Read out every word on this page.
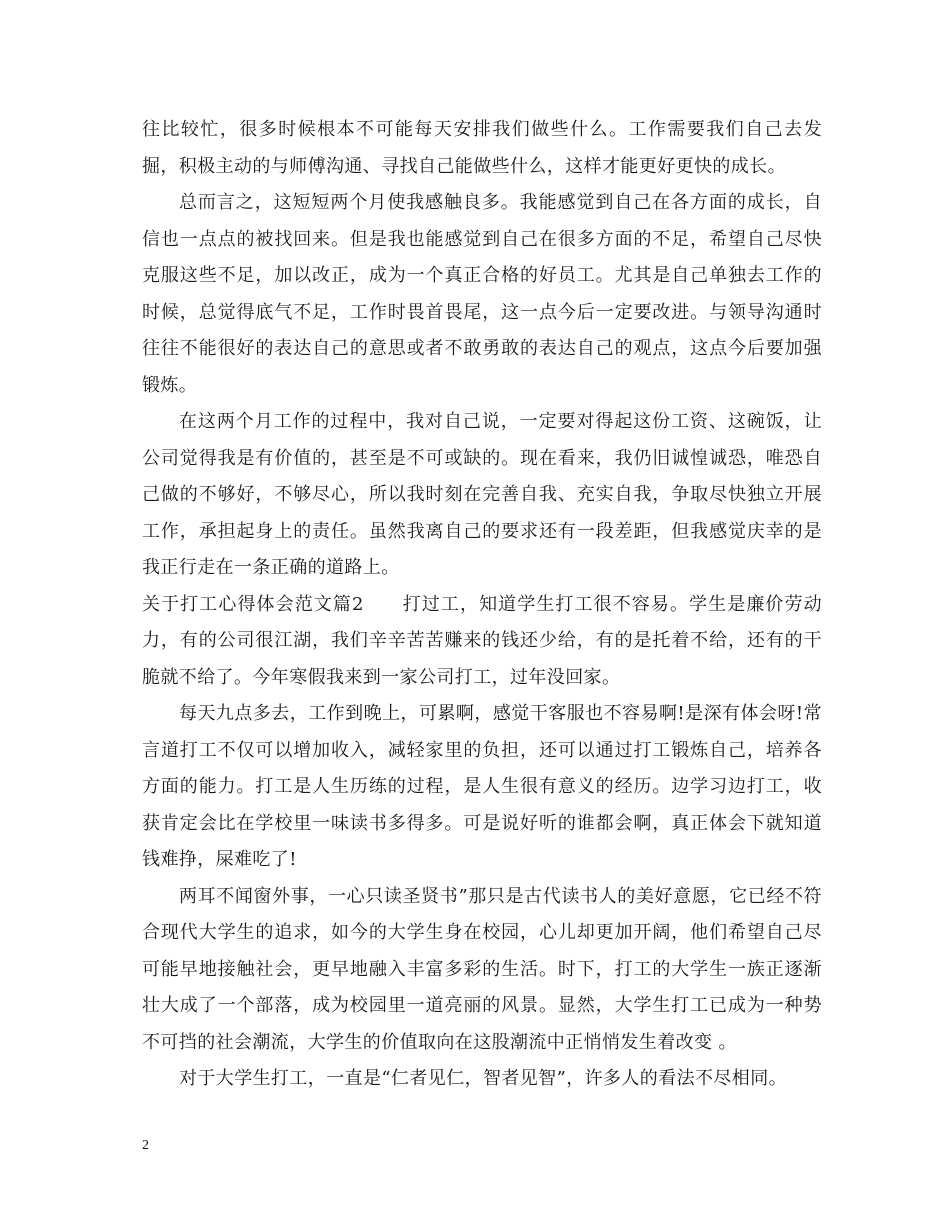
往比较忙，很多时候根本不可能每天安排我们做些什么。工作需要我们自己去发掘，积极主动的与师傅沟通、寻找自己能做些什么，这样才能更好更快的成长。

总而言之，这短短两个月使我感触良多。我能感觉到自己在各方面的成长，自信也一点点的被找回来。但是我也能感觉到自己在很多方面的不足，希望自己尽快克服这些不足，加以改正，成为一个真正合格的好员工。尤其是自己单独去工作的时候，总觉得底气不足，工作时畏首畏尾，这一点今后一定要改进。与领导沟通时往往不能很好的表达自己的意思或者不敢勇敢的表达自己的观点，这点今后要加强锻炼。

在这两个月工作的过程中，我对自己说，一定要对得起这份工资、这碗饭，让公司觉得我是有价值的，甚至是不可或缺的。现在看来，我仍旧诚惶诚恐，唯恐自己做的不够好，不够尽心，所以我时刻在完善自我、充实自我，争取尽快独立开展工作，承担起身上的责任。虽然我离自己的要求还有一段差距，但我感觉庆幸的是我正行走在一条正确的道路上。

关于打工心得体会范文篇2　　打过工，知道学生打工很不容易。学生是廉价劳动力，有的公司很江湖，我们辛辛苦苦赚来的钱还少给，有的是托着不给，还有的干脆就不给了。今年寒假我来到一家公司打工，过年没回家。

每天九点多去，工作到晚上，可累啊，感觉干客服也不容易啊!是深有体会呀!常言道打工不仅可以增加收入，减轻家里的负担，还可以通过打工锻炼自己，培养各方面的能力。打工是人生历练的过程，是人生很有意义的经历。边学习边打工，收获肯定会比在学校里一味读书多得多。可是说好听的谁都会啊，真正体会下就知道钱难挣，屎难吃了!

两耳不闻窗外事，一心只读圣贤书”那只是古代读书人的美好意愿，它已经不符合现代大学生的追求，如今的大学生身在校园，心儿却更加开阔，他们希望自己尽可能早地接触社会，更早地融入丰富多彩的生活。时下，打工的大学生一族正逐渐壮大成了一个部落，成为校园里一道亮丽的风景。显然，大学生打工已成为一种势不可挡的社会潮流，大学生的价值取向在这股潮流中正悄悄发生着改变 。

对于大学生打工，一直是“仁者见仁，智者见智”，许多人的看法不尽相同。

2
